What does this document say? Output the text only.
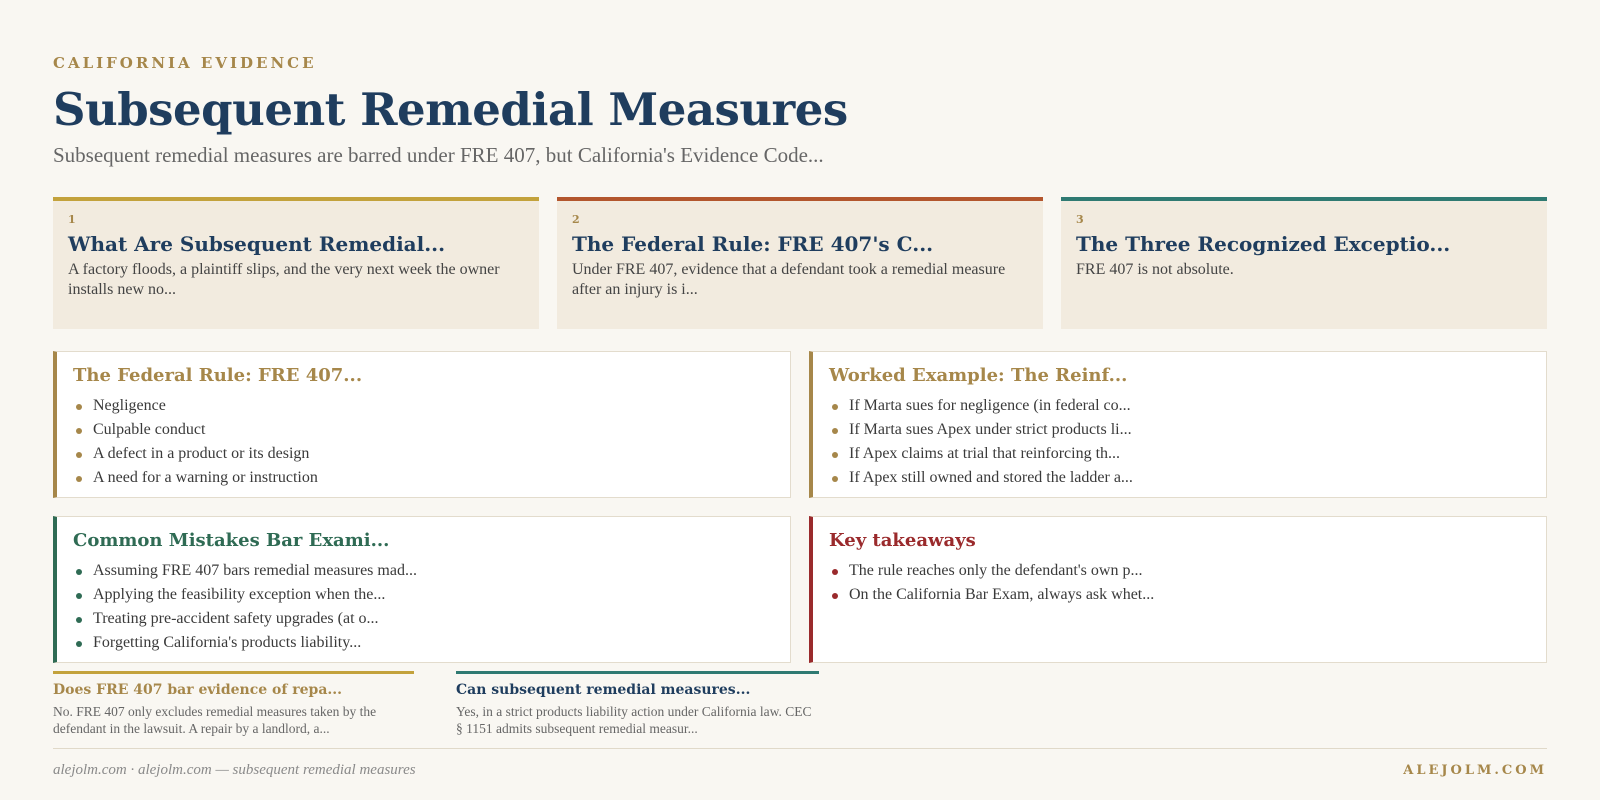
CALIFORNIA EVIDENCE
Subsequent Remedial Measures
Subsequent remedial measures are barred under FRE 407, but California's Evidence Code...
1
What Are Subsequent Remedial...
A factory floods, a plaintiff slips, and the very next week the owner installs new no...
2
The Federal Rule: FRE 407's C...
Under FRE 407, evidence that a defendant took a remedial measure after an injury is i...
3
The Three Recognized Exceptio...
FRE 407 is not absolute.
The Federal Rule: FRE 407...
Negligence
Culpable conduct
A defect in a product or its design
A need for a warning or instruction
Worked Example: The Reinf...
If Marta sues for negligence (in federal co...
If Marta sues Apex under strict products li...
If Apex claims at trial that reinforcing th...
If Apex still owned and stored the ladder a...
Common Mistakes Bar Exami...
Assuming FRE 407 bars remedial measures mad...
Applying the feasibility exception when the...
Treating pre-accident safety upgrades (at o...
Forgetting California's products liability...
Key takeaways
The rule reaches only the defendant's own p...
On the California Bar Exam, always ask whet...
Does FRE 407 bar evidence of repa...
No. FRE 407 only excludes remedial measures taken by the defendant in the lawsuit. A repair by a landlord, a...
Can subsequent remedial measures...
Yes, in a strict products liability action under California law. CEC § 1151 admits subsequent remedial measur...
alejolm.com · alejolm.com — subsequent remedial measures	ALEJOLM.COM
